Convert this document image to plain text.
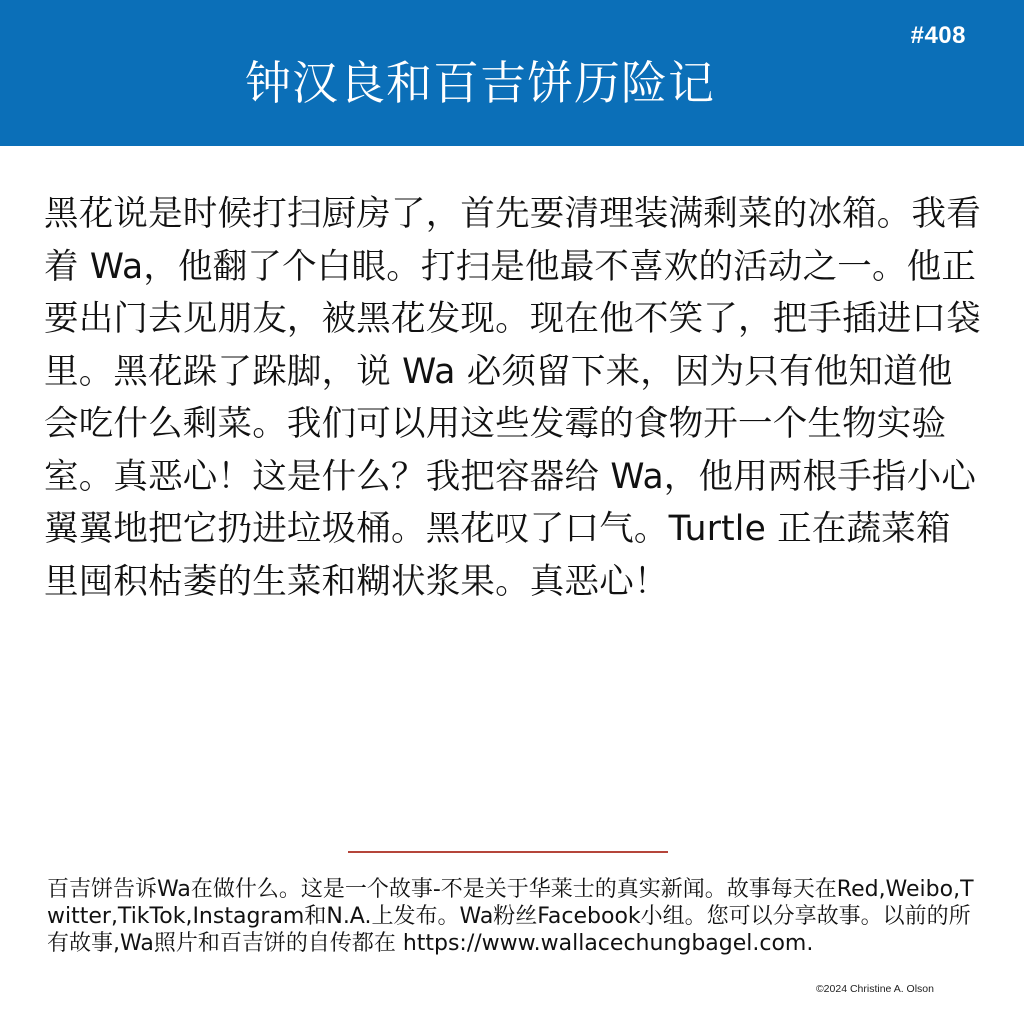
#408
钟汉良和百吉饼历险记

黑花说是时候打扫厨房了，首先要清理装满剩菜的冰箱。我看着 Wa，他翻了个白眼。打扫是他最不喜欢的活动之一。他正要出门去见朋友，被黑花发现。现在他不笑了，把手插进口袋里。黑花跺了跺脚，说 Wa 必须留下来，因为只有他知道他会吃什么剩菜。我们可以用这些发霉的食物开一个生物实验室。真恶心！这是什么？我把容器给 Wa，他用两根手指小心翼翼地把它扔进垃圾桶。黑花叹了口气。Turtle 正在蔬菜箱里囤积枯萎的生菜和糊状浆果。真恶心！

百吉饼告诉Wa在做什么。这是一个故事-不是关于华莱士的真实新闻。故事每天在Red,Weibo,Twitter,TikTok,Instagram和N.A.上发布。Wa粉丝Facebook小组。您可以分享故事。以前的所有故事,Wa照片和百吉饼的自传都在 https://www.wallacechungbagel.com.

©2024 Christine A. Olson
